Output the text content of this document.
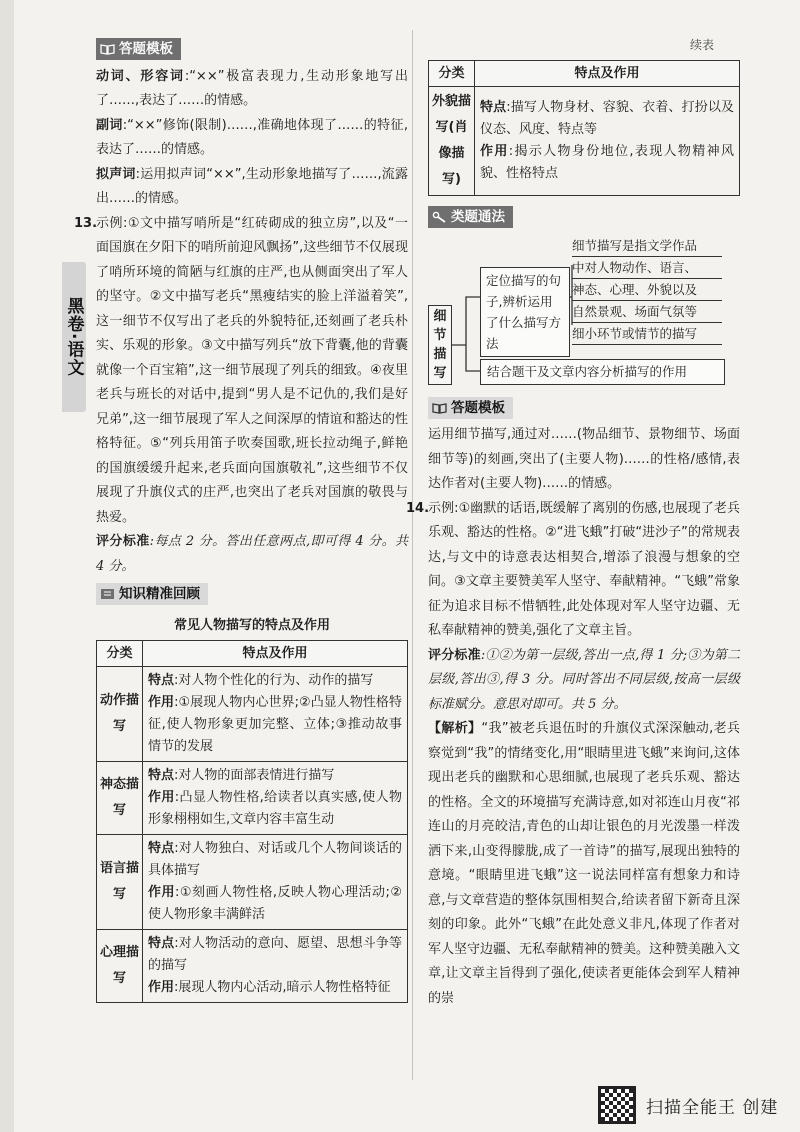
黑卷·语文
续表
答题模板
动词、形容词:“××”极富表现力,生动形象地写出了……,表达了……的情感。
副词:“××”修饰(限制)……,准确地体现了……的特征,表达了……的情感。
拟声词:运用拟声词“××”,生动形象地描写了……,流露出……的情感。
13.
示例:①文中描写哨所是“红砖砌成的独立房”,以及“一面国旗在夕阳下的哨所前迎风飘扬”,这些细节不仅展现了哨所环境的简陋与红旗的庄严,也从侧面突出了军人的坚守。②文中描写老兵“黑瘦结实的脸上洋溢着笑”,这一细节不仅写出了老兵的外貌特征,还刻画了老兵朴实、乐观的形象。③文中描写列兵“放下背囊,他的背囊就像一个百宝箱”,这一细节展现了列兵的细致。④夜里老兵与班长的对话中,提到“男人是不记仇的,我们是好兄弟”,这一细节展现了军人之间深厚的情谊和豁达的性格特征。⑤“列兵用笛子吹奏国歌,班长拉动绳子,鲜艳的国旗缓缓升起来,老兵面向国旗敬礼”,这些细节不仅展现了升旗仪式的庄严,也突出了老兵对国旗的敬畏与热爱。
评分标准:每点 2 分。答出任意两点,即可得 4 分。共 4 分。
知识精准回顾
常见人物描写的特点及作用
分类	特点及作用
动作描写	特点:对人物个性化的行为、动作的描写
作用:①展现人物内心世界;②凸显人物性格特征,使人物形象更加完整、立体;③推动故事情节的发展

神态描写	特点:对人物的面部表情进行描写
作用:凸显人物性格,给读者以真实感,使人物形象栩栩如生,文章内容丰富生动

语言描写	特点:对人物独白、对话或几个人物间谈话的具体描写
作用:①刻画人物性格,反映人物心理活动;②使人物形象丰满鲜活

心理描写	特点:对人物活动的意向、愿望、思想斗争等的描写
作用:展现人物内心活动,暗示人物性格特征
分类	特点及作用
外貌描写(肖像描写)	特点:描写人物身材、容貌、衣着、打扮以及仪态、风度、特点等
作用:揭示人物身份地位,表现人物精神风貌、性格特点
类题通法
细节描写
定位描写的句子,辨析运用了什么描写方法
细节描写是指文学作品
中对人物动作、语言、
神态、心理、外貌以及
自然景观、场面气氛等
细小环节或情节的描写
结合题干及文章内容分析描写的作用
答题模板
运用细节描写,通过对……(物品细节、景物细节、场面细节等)的刻画,突出了(主要人物)……的性格/感情,表达作者对(主要人物)……的情感。
14.
示例:①幽默的话语,既缓解了离别的伤感,也展现了老兵乐观、豁达的性格。②“进飞蛾”打破“进沙子”的常规表达,与文中的诗意表达相契合,增添了浪漫与想象的空间。③文章主要赞美军人坚守、奉献精神。“飞蛾”常象征为追求目标不惜牺牲,此处体现对军人坚守边疆、无私奉献精神的赞美,强化了文章主旨。
评分标准:①②为第一层级,答出一点,得 1 分;③为第二层级,答出③,得 3 分。同时答出不同层级,按高一层级标准赋分。意思对即可。共 5 分。
【解析】“我”被老兵退伍时的升旗仪式深深触动,老兵察觉到“我”的情绪变化,用“眼睛里进飞蛾”来询问,这体现出老兵的幽默和心思细腻,也展现了老兵乐观、豁达的性格。全文的环境描写充满诗意,如对祁连山月夜“祁连山的月亮皎洁,青色的山却让银色的月光泼墨一样泼洒下来,山变得朦胧,成了一首诗”的描写,展现出独特的意境。“眼睛里进飞蛾”这一说法同样富有想象力和诗意,与文章营造的整体氛围相契合,给读者留下新奇且深刻的印象。此外“飞蛾”在此处意义非凡,体现了作者对军人坚守边疆、无私奉献精神的赞美。这种赞美融入文章,让文章主旨得到了强化,使读者更能体会到军人精神的崇
扫描全能王 创建
